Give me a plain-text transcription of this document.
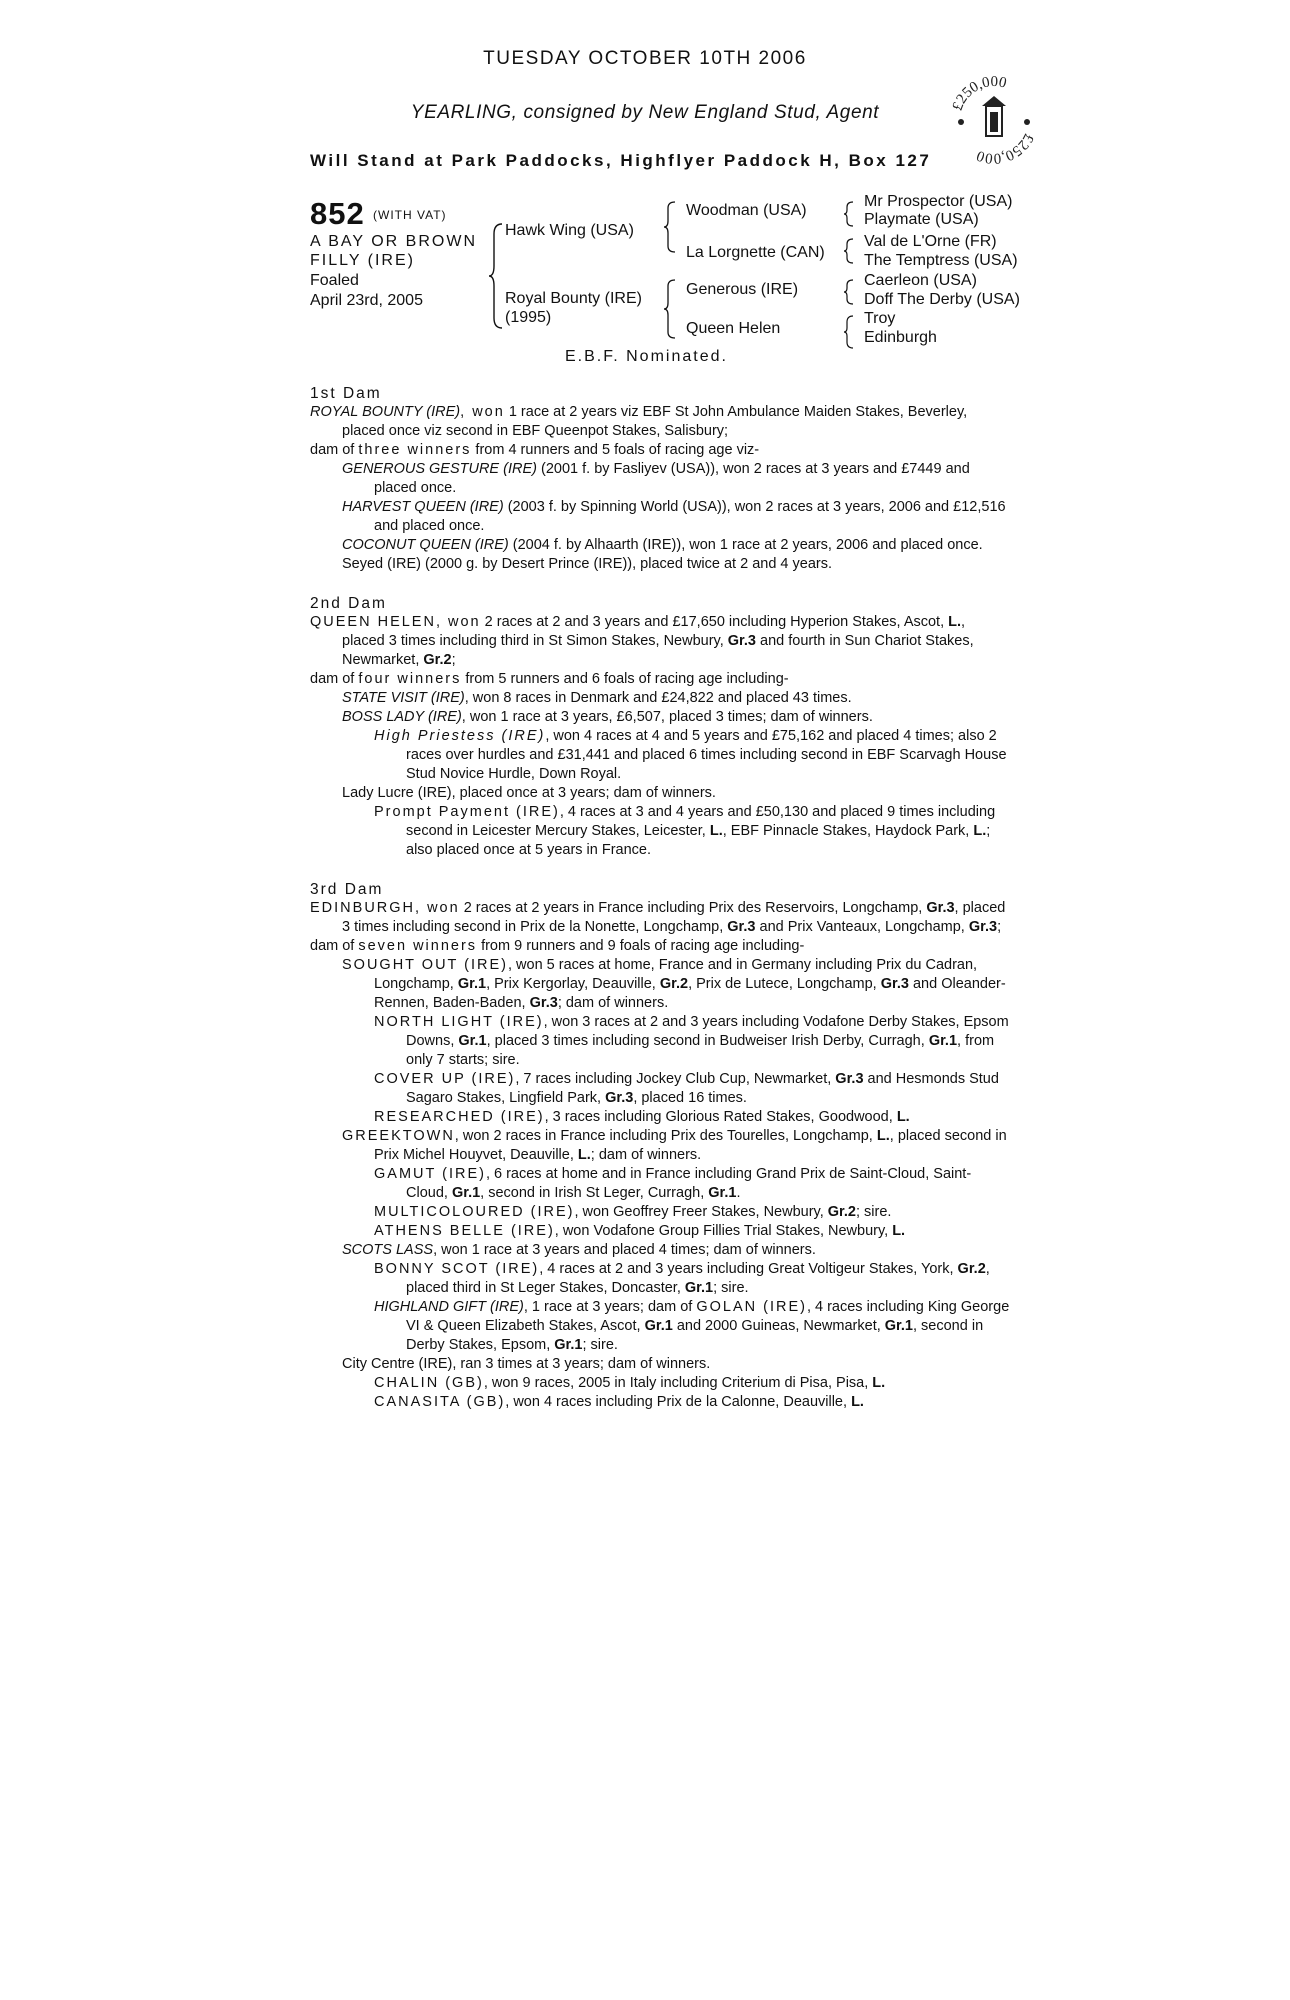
TUESDAY OCTOBER 10TH 2006
YEARLING, consigned by New England Stud, Agent
Will Stand at Park Paddocks, Highflyer Paddock H, Box 127
£250,000
£250,000
852 (WITH VAT)
A BAY OR BROWN
FILLY (IRE)
Foaled
April 23rd, 2005
Hawk Wing (USA)
Royal Bounty (IRE)
(1995)
Woodman (USA)
La Lorgnette (CAN)
Generous (IRE)
Queen Helen
Mr Prospector (USA)
Playmate (USA)
Val de L'Orne (FR)
The Temptress (USA)
Caerleon (USA)
Doff The Derby (USA)
Troy
Edinburgh
E.B.F. Nominated.

1st Dam

ROYAL BOUNTY (IRE), won 1 race at 2 years viz EBF St John Ambulance Maiden Stakes, Beverley, placed once viz second in EBF Queenpot Stakes, Salisbury;

dam of three winners from 4 runners and 5 foals of racing age viz-

GENEROUS GESTURE (IRE) (2001 f. by Fasliyev (USA)), won 2 races at 3 years and £7449 and placed once.

HARVEST QUEEN (IRE) (2003 f. by Spinning World (USA)), won 2 races at 3 years, 2006 and £12,516 and placed once.

COCONUT QUEEN (IRE) (2004 f. by Alhaarth (IRE)), won 1 race at 2 years, 2006 and placed once.

Seyed (IRE) (2000 g. by Desert Prince (IRE)), placed twice at 2 and 4 years.

2nd Dam

QUEEN HELEN, won 2 races at 2 and 3 years and £17,650 including Hyperion Stakes, Ascot, L., placed 3 times including third in St Simon Stakes, Newbury, Gr.3 and fourth in Sun Chariot Stakes, Newmarket, Gr.2;

dam of four winners from 5 runners and 6 foals of racing age including-

STATE VISIT (IRE), won 8 races in Denmark and £24,822 and placed 43 times.

BOSS LADY (IRE), won 1 race at 3 years, £6,507, placed 3 times; dam of winners.

High Priestess (IRE), won 4 races at 4 and 5 years and £75,162 and placed 4 times; also 2 races over hurdles and £31,441 and placed 6 times including second in EBF Scarvagh House Stud Novice Hurdle, Down Royal.

Lady Lucre (IRE), placed once at 3 years; dam of winners.

Prompt Payment (IRE), 4 races at 3 and 4 years and £50,130 and placed 9 times including second in Leicester Mercury Stakes, Leicester, L., EBF Pinnacle Stakes, Haydock Park, L.; also placed once at 5 years in France.

3rd Dam

EDINBURGH, won 2 races at 2 years in France including Prix des Reservoirs, Longchamp, Gr.3, placed 3 times including second in Prix de la Nonette, Longchamp, Gr.3 and Prix Vanteaux, Longchamp, Gr.3;

dam of seven winners from 9 runners and 9 foals of racing age including-

SOUGHT OUT (IRE), won 5 races at home, France and in Germany including Prix du Cadran, Longchamp, Gr.1, Prix Kergorlay, Deauville, Gr.2, Prix de Lutece, Longchamp, Gr.3 and Oleander-Rennen, Baden-Baden, Gr.3; dam of winners.

NORTH LIGHT (IRE), won 3 races at 2 and 3 years including Vodafone Derby Stakes, Epsom Downs, Gr.1, placed 3 times including second in Budweiser Irish Derby, Curragh, Gr.1, from only 7 starts; sire.

COVER UP (IRE), 7 races including Jockey Club Cup, Newmarket, Gr.3 and Hesmonds Stud Sagaro Stakes, Lingfield Park, Gr.3, placed 16 times.

RESEARCHED (IRE), 3 races including Glorious Rated Stakes, Goodwood, L.

GREEKTOWN, won 2 races in France including Prix des Tourelles, Longchamp, L., placed second in Prix Michel Houyvet, Deauville, L.; dam of winners.

GAMUT (IRE), 6 races at home and in France including Grand Prix de Saint-Cloud, Saint-Cloud, Gr.1, second in Irish St Leger, Curragh, Gr.1.

MULTICOLOURED (IRE), won Geoffrey Freer Stakes, Newbury, Gr.2; sire.

ATHENS BELLE (IRE), won Vodafone Group Fillies Trial Stakes, Newbury, L.

SCOTS LASS, won 1 race at 3 years and placed 4 times; dam of winners.

BONNY SCOT (IRE), 4 races at 2 and 3 years including Great Voltigeur Stakes, York, Gr.2, placed third in St Leger Stakes, Doncaster, Gr.1; sire.

HIGHLAND GIFT (IRE), 1 race at 3 years; dam of GOLAN (IRE), 4 races including King George VI & Queen Elizabeth Stakes, Ascot, Gr.1 and 2000 Guineas, Newmarket, Gr.1, second in Derby Stakes, Epsom, Gr.1; sire.

City Centre (IRE), ran 3 times at 3 years; dam of winners.

CHALIN (GB), won 9 races, 2005 in Italy including Criterium di Pisa, Pisa, L.

CANASITA (GB), won 4 races including Prix de la Calonne, Deauville, L.
